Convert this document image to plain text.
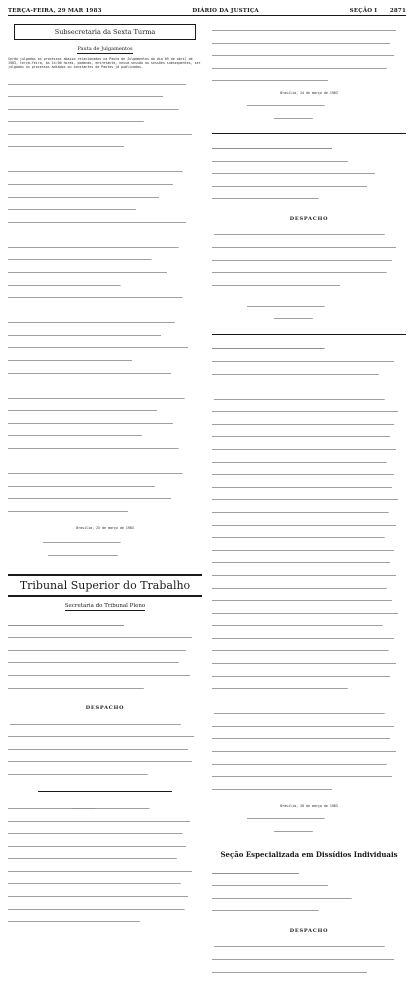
TERÇA-FEIRA, 29 MAR 1983	DIÁRIO DA JUSTIÇA	SEÇÃO I 2871
Subsecretaria da Sexta Turma
Pauta de Julgamentos

Serão julgados os processos abaixo relacionados na Pauta de Julgamentos do dia 05 de abril de 1983, terça-feira, às 14:00 horas, podendo, entretanto, nessa sessão ou sessões subsequentes, ser julgados os processos adiados ou constantes de Pautas já publicadas.

Brasília, 25 de março de 1983

Tribunal Superior do Trabalho
Secretaria do Tribunal Pleno

DESPACHO

Brasília, 24 de março de 1983

DESPACHO

Brasília, 28 de março de 1983

Seção Especializada em Dissídios Individuais

DESPACHO
